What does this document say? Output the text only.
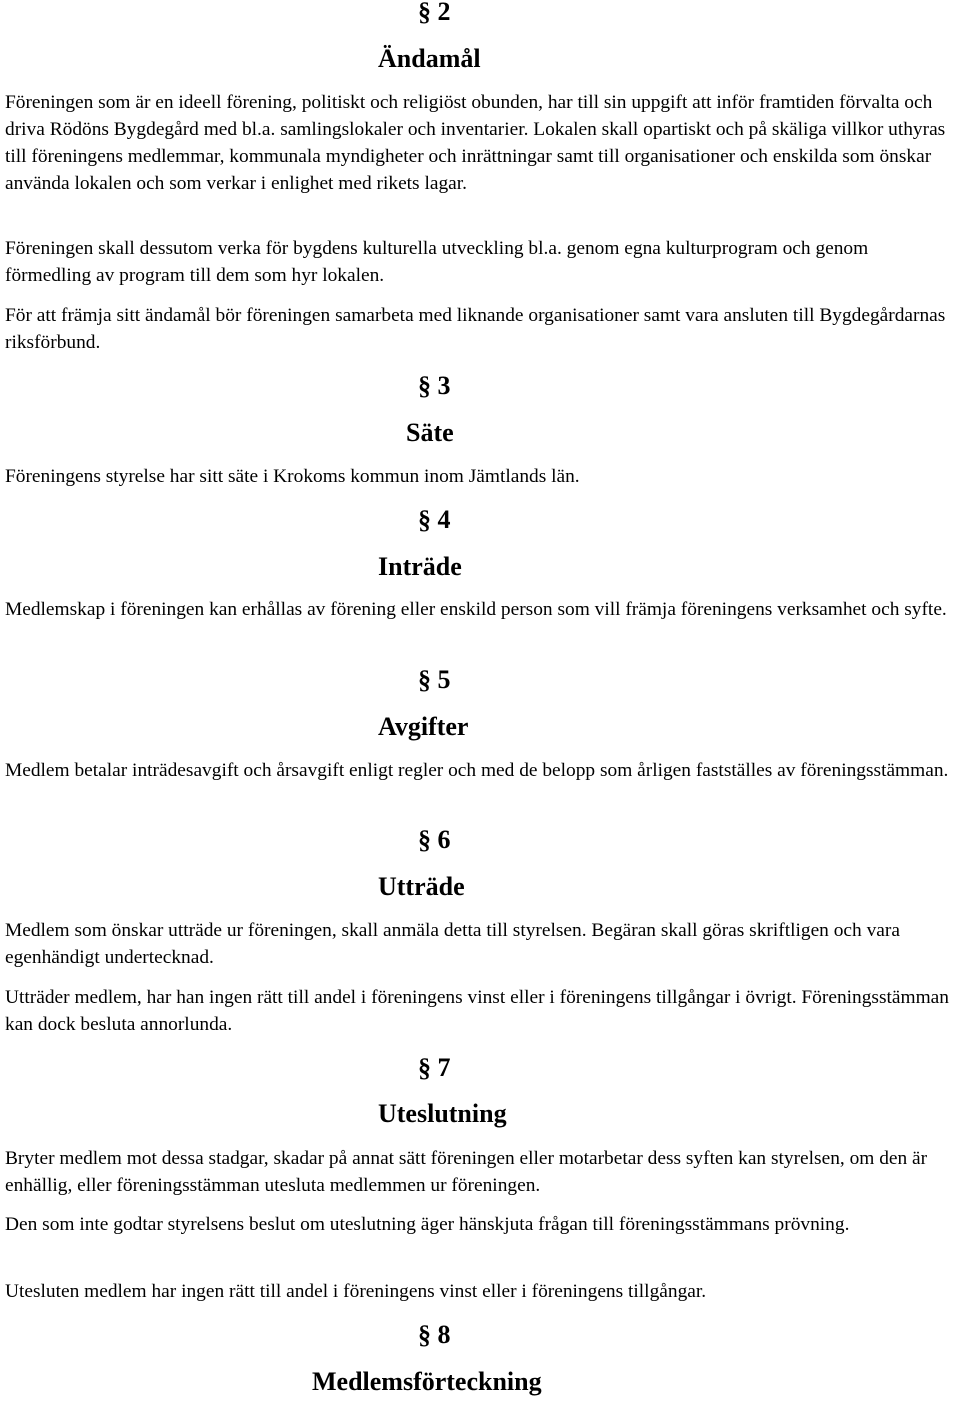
§ 2
Ändamål

Föreningen som är en ideell förening, politiskt och religiöst obunden, har till sin uppgift att inför framtiden förvalta och driva Rödöns Bygdegård med bl.a. samlingslokaler och inventarier. Lokalen skall opartiskt och på skäliga villkor uthyras till föreningens medlemmar, kommunala myndigheter och inrättningar samt till organisationer och enskilda som önskar använda lokalen och som verkar i enlighet med rikets lagar.

Föreningen skall dessutom verka för bygdens kulturella utveckling bl.a. genom egna kulturprogram och genom förmedling av program till dem som hyr lokalen.

För att främja sitt ändamål bör föreningen samarbeta med liknande organisationer samt vara ansluten till Bygdegårdarnas riksförbund.

§ 3
Säte

Föreningens styrelse har sitt säte i Krokoms kommun inom Jämtlands län.

§ 4
Inträde

Medlemskap i föreningen kan erhållas av förening eller enskild person som vill främja föreningens verksamhet och syfte.

§ 5
Avgifter

Medlem betalar inträdesavgift och årsavgift enligt regler och med de belopp som årligen fastställes av föreningsstämman.

§ 6
Utträde

Medlem som önskar utträde ur föreningen, skall anmäla detta till styrelsen. Begäran skall göras skriftligen och vara egenhändigt undertecknad.

Utträder medlem, har han ingen rätt till andel i föreningens vinst eller i föreningens tillgångar i övrigt. Föreningsstämman kan dock besluta annorlunda.

§ 7
Uteslutning

Bryter medlem mot dessa stadgar, skadar på annat sätt föreningen eller motarbetar dess syften kan styrelsen, om den är enhällig, eller föreningsstämman utesluta medlemmen ur föreningen.

Den som inte godtar styrelsens beslut om uteslutning äger hänskjuta frågan till föreningsstämmans prövning.

Utesluten medlem har ingen rätt till andel i föreningens vinst eller i föreningens tillgångar.

§ 8
Medlemsförteckning
